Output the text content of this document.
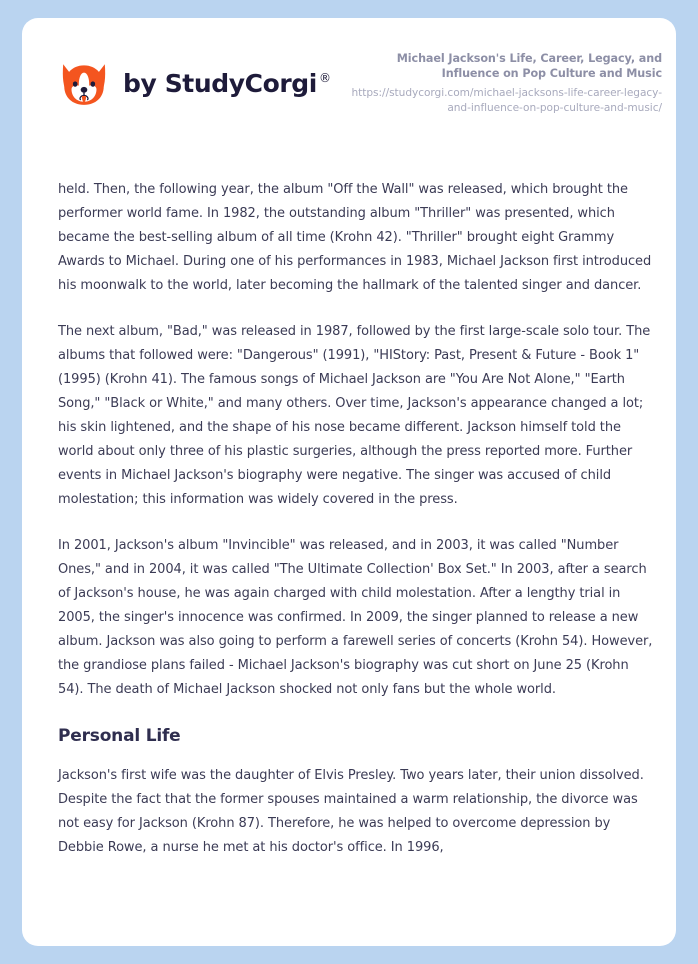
by StudyCorgi ®
Michael Jackson's Life, Career, Legacy, and Influence on Pop Culture and Music
https://studycorgi.com/michael-jacksons-life-career-legacy-and-influence-on-pop-culture-and-music/

held. Then, the following year, the album "Off the Wall" was released, which brought the performer world fame. In 1982, the outstanding album "Thriller" was presented, which became the best-selling album of all time (Krohn 42). "Thriller" brought eight Grammy Awards to Michael. During one of his performances in 1983, Michael Jackson first introduced his moonwalk to the world, later becoming the hallmark of the talented singer and dancer.

The next album, "Bad," was released in 1987, followed by the first large-scale solo tour. The albums that followed were: "Dangerous" (1991), "HIStory: Past, Present & Future - Book 1" (1995) (Krohn 41). The famous songs of Michael Jackson are "You Are Not Alone," "Earth Song," "Black or White," and many others. Over time, Jackson's appearance changed a lot; his skin lightened, and the shape of his nose became different. Jackson himself told the world about only three of his plastic surgeries, although the press reported more. Further events in Michael Jackson's biography were negative. The singer was accused of child molestation; this information was widely covered in the press.

In 2001, Jackson's album "Invincible" was released, and in 2003, it was called "Number Ones," and in 2004, it was called "The Ultimate Collection' Box Set." In 2003, after a search of Jackson's house, he was again charged with child molestation. After a lengthy trial in 2005, the singer's innocence was confirmed. In 2009, the singer planned to release a new album. Jackson was also going to perform a farewell series of concerts (Krohn 54). However, the grandiose plans failed - Michael Jackson's biography was cut short on June 25 (Krohn 54). The death of Michael Jackson shocked not only fans but the whole world.

Personal Life

Jackson's first wife was the daughter of Elvis Presley. Two years later, their union dissolved. Despite the fact that the former spouses maintained a warm relationship, the divorce was not easy for Jackson (Krohn 87). Therefore, he was helped to overcome depression by Debbie Rowe, a nurse he met at his doctor's office. In 1996,
